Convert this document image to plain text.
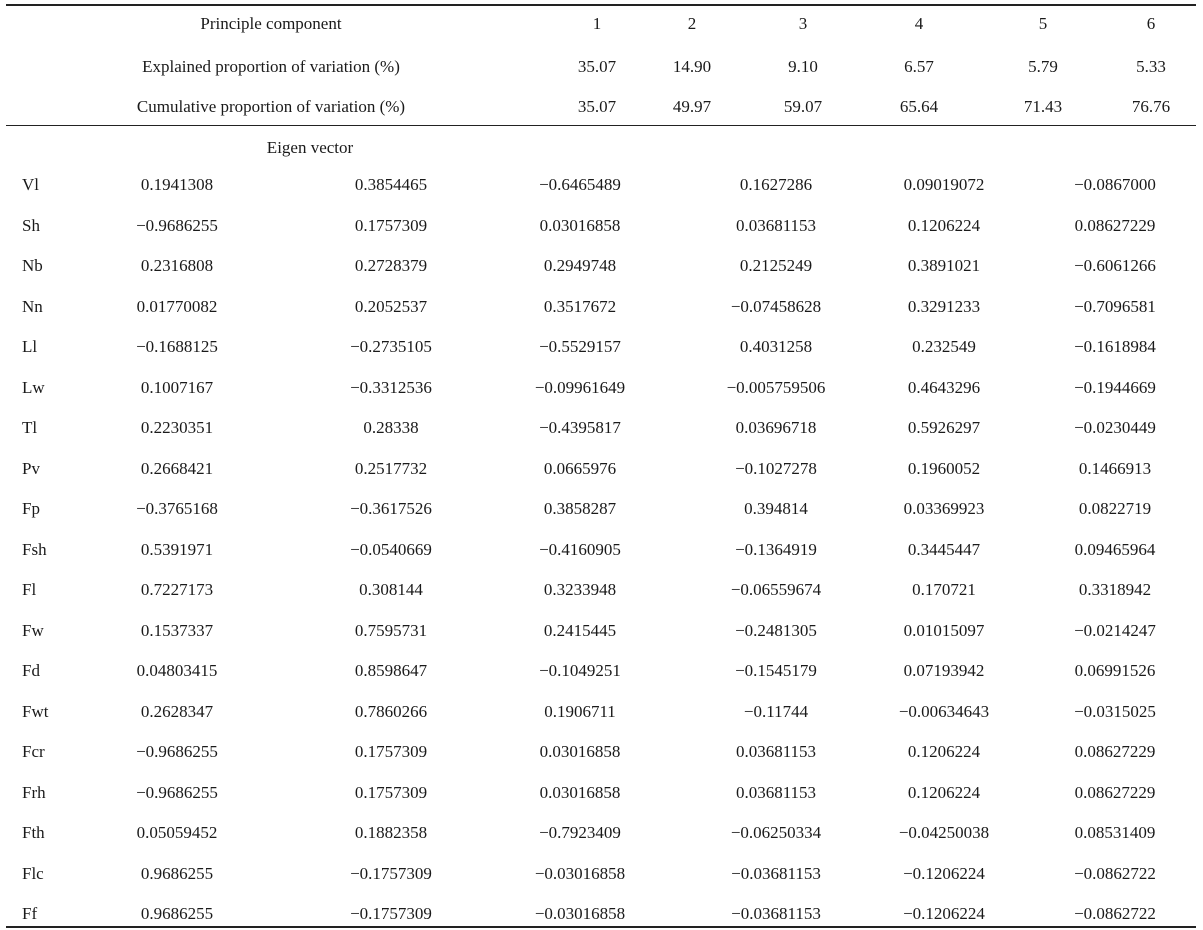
Principle component	1	2	3	4	5	6
Explained proportion of variation (%)	35.07	14.90	9.10	6.57	5.79	5.33
Cumulative proportion of variation (%)	35.07	49.97	59.07	65.64	71.43	76.76
Eigen vector
Vl	0.1941308	0.3854465	−0.6465489	0.1627286	0.09019072	−0.0867000
Sh	−0.9686255	0.1757309	0.03016858	0.03681153	0.1206224	0.08627229
Nb	0.2316808	0.2728379	0.2949748	0.2125249	0.3891021	−0.6061266
Nn	0.01770082	0.2052537	0.3517672	−0.07458628	0.3291233	−0.7096581
Ll	−0.1688125	−0.2735105	−0.5529157	0.4031258	0.232549	−0.1618984
Lw	0.1007167	−0.3312536	−0.09961649	−0.005759506	0.4643296	−0.1944669
Tl	0.2230351	0.28338	−0.4395817	0.03696718	0.5926297	−0.0230449
Pv	0.2668421	0.2517732	0.0665976	−0.1027278	0.1960052	0.1466913
Fp	−0.3765168	−0.3617526	0.3858287	0.394814	0.03369923	0.0822719
Fsh	0.5391971	−0.0540669	−0.4160905	−0.1364919	0.3445447	0.09465964
Fl	0.7227173	0.308144	0.3233948	−0.06559674	0.170721	0.3318942
Fw	0.1537337	0.7595731	0.2415445	−0.2481305	0.01015097	−0.0214247
Fd	0.04803415	0.8598647	−0.1049251	−0.1545179	0.07193942	0.06991526
Fwt	0.2628347	0.7860266	0.1906711	−0.11744	−0.00634643	−0.0315025
Fcr	−0.9686255	0.1757309	0.03016858	0.03681153	0.1206224	0.08627229
Frh	−0.9686255	0.1757309	0.03016858	0.03681153	0.1206224	0.08627229
Fth	0.05059452	0.1882358	−0.7923409	−0.06250334	−0.04250038	0.08531409
Flc	0.9686255	−0.1757309	−0.03016858	−0.03681153	−0.1206224	−0.0862722
Ff	0.9686255	−0.1757309	−0.03016858	−0.03681153	−0.1206224	−0.0862722
